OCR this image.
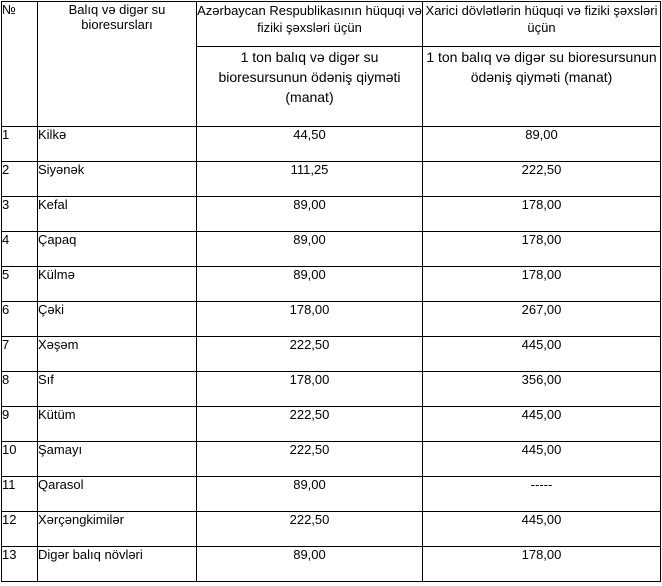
№	Balıq və digər su bioresursları	Azərbaycan Respublikasının hüquqi və fiziki şəxsləri üçün	Xarici dövlətlərin hüquqi və fiziki şəxsləri üçün
		1 ton balıq və digər su bioresursunun ödəniş qiyməti (manat)	1 ton balıq və digər su bioresursunun ödəniş qiyməti (manat)
1	Kilkə	44,50	89,00
2	Siyənək	111,25	222,50
3	Kefal	89,00	178,00
4	Çapaq	89,00	178,00
5	Külmə	89,00	178,00
6	Çəki	178,00	267,00
7	Xəşəm	222,50	445,00
8	Sıf	178,00	356,00
9	Kütüm	222,50	445,00
10	Şamayı	222,50	445,00
11	Qarasol	89,00	-----
12	Xərçəngkimilər	222,50	445,00
13	Digər balıq növləri	89,00	178,00
